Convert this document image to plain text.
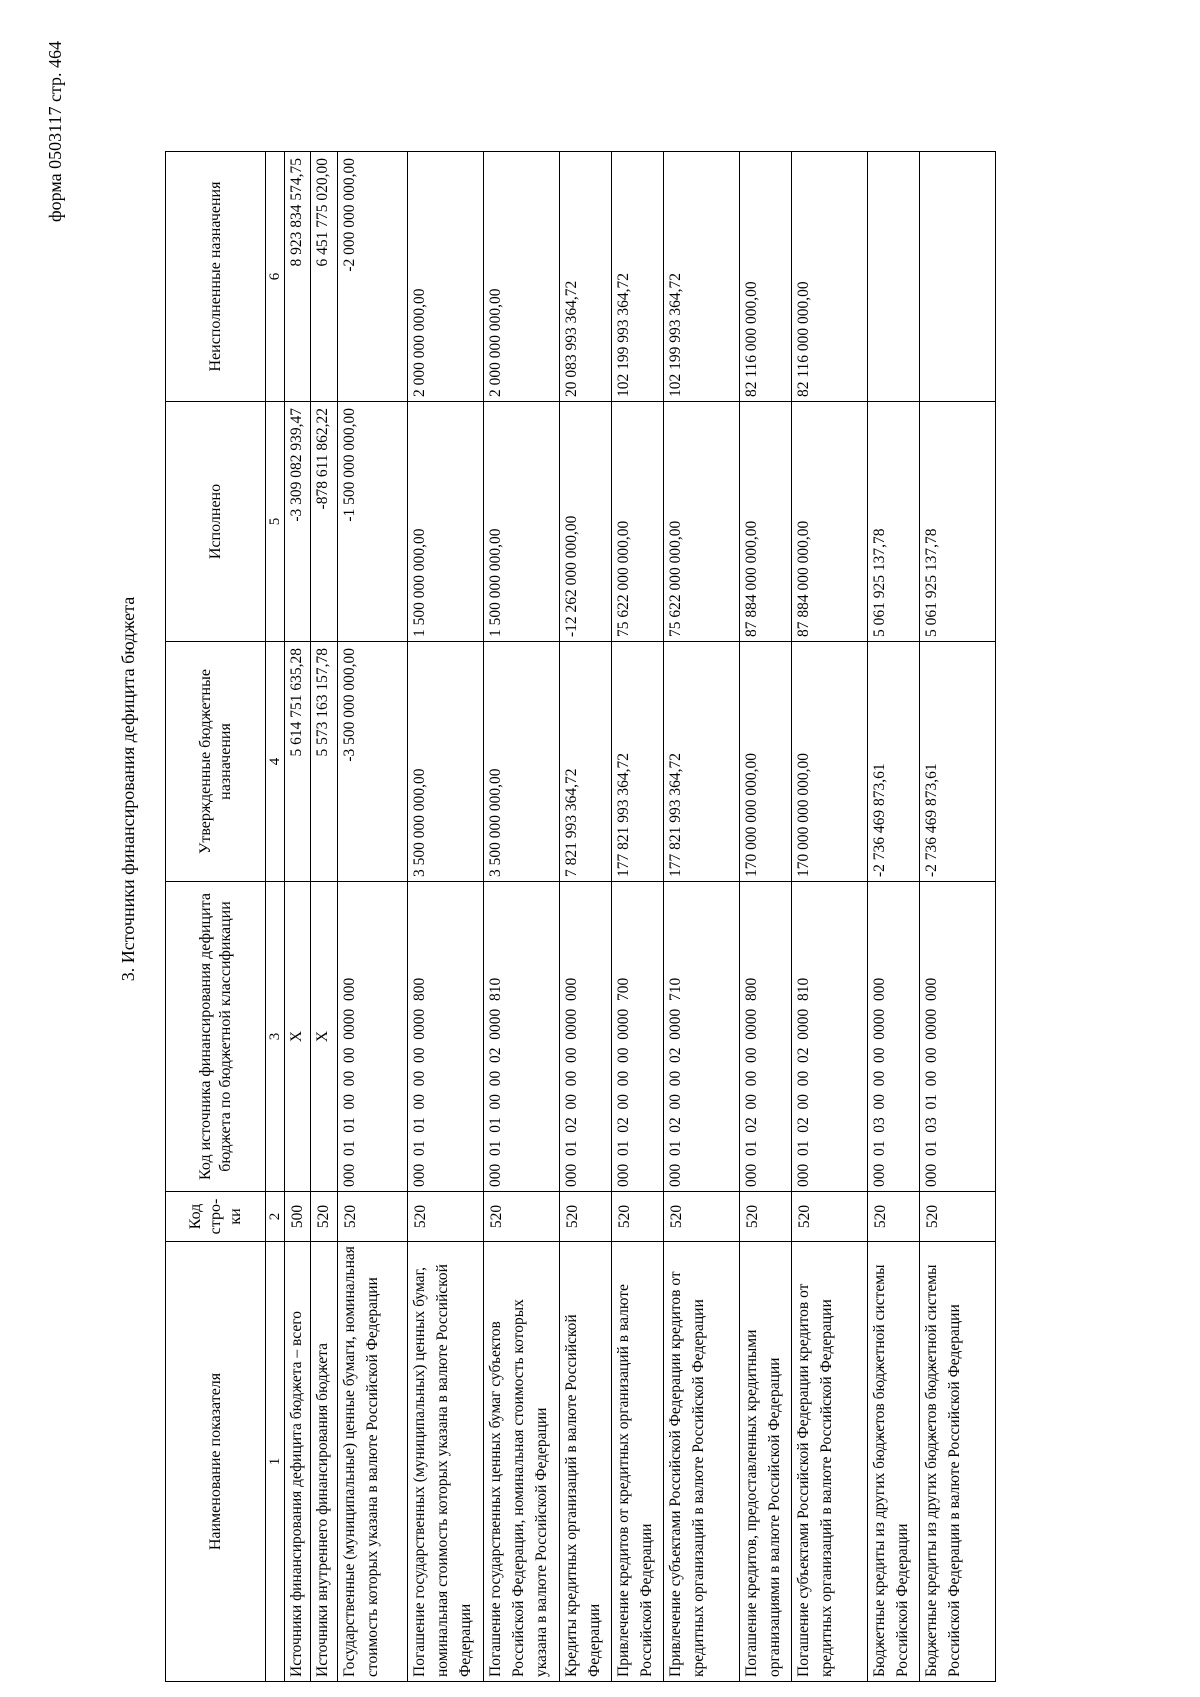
форма 0503117 стр. 464
3. Источники финансирования дефицита бюджета
Наименование показателя	Код стро-ки	Код источника финансирования дефицита бюджета по бюджетной классификации	Утвержденные бюджетные назначения	Исполнено	Неисполненные назначения
1	2	3	4	5	6
Источники финансирования дефицита бюджета – всего	500	X	5 614 751 635,28	-3 309 082 939,47	8 923 834 574,75
Источники внутреннего финансирования бюджета	520	X	5 573 163 157,78	-878 611 862,22	6 451 775 020,00
Государственные (муниципальные) ценные бумаги, номинальная стоимость которых указана в валюте Российской Федерации	520	000  01  01  00  00  00  0000  000	-3 500 000 000,00	-1 500 000 000,00	-2 000 000 000,00
Погашение государственных (муниципальных) ценных бумаг, номинальная стоимость которых указана в валюте Российской Федерации	520	000  01  01  00  00  00  0000  800	3 500 000 000,00	1 500 000 000,00	2 000 000 000,00
Погашение государственных ценных бумаг субъектов Российской Федерации, номинальная стоимость которых указана в валюте Российской Федерации	520	000  01  01  00  00  02  0000  810	3 500 000 000,00	1 500 000 000,00	2 000 000 000,00
Кредиты кредитных организаций в валюте Российской Федерации	520	000  01  02  00  00  00  0000  000	7 821 993 364,72	-12 262 000 000,00	20 083 993 364,72
Привлечение кредитов от кредитных организаций в валюте Российской Федерации	520	000  01  02  00  00  00  0000  700	177 821 993 364,72	75 622 000 000,00	102 199 993 364,72
Привлечение субъектами Российской Федерации кредитов от кредитных организаций в валюте Российской Федерации	520	000  01  02  00  00  02  0000  710	177 821 993 364,72	75 622 000 000,00	102 199 993 364,72
Погашение кредитов, предоставленных кредитными организациями в валюте Российской Федерации	520	000  01  02  00  00  00  0000  800	170 000 000 000,00	87 884 000 000,00	82 116 000 000,00
Погашение субъектами Российской Федерации кредитов от кредитных организаций в валюте Российской Федерации	520	000  01  02  00  00  02  0000  810	170 000 000 000,00	87 884 000 000,00	82 116 000 000,00
Бюджетные кредиты из других бюджетов бюджетной системы Российской Федерации	520	000  01  03  00  00  00  0000  000	-2 736 469 873,61	5 061 925 137,78	
Бюджетные кредиты из других бюджетов бюджетной системы Российской Федерации в валюте Российской Федерации	520	000  01  03  01  00  00  0000  000	-2 736 469 873,61	5 061 925 137,78	
